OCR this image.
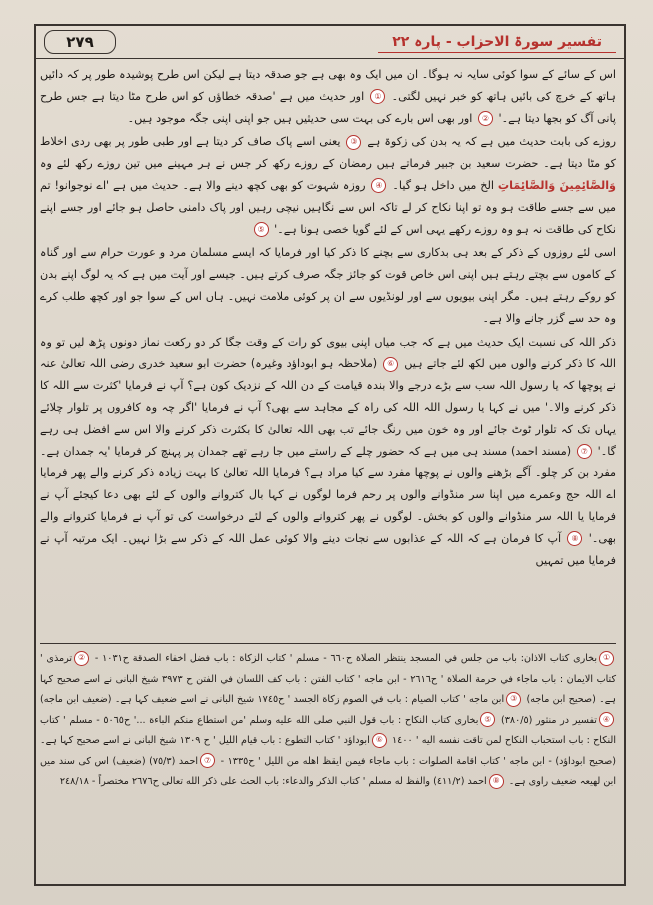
۲۷۹	تفسیر سورۃ الاحزاب - پارہ ۲۲

اس کے سائے کے سوا کوئی سایہ نہ ہوگا۔ ان میں ایک وہ بھی ہے جو صدقہ دیتا ہے لیکن اس طرح پوشیدہ طور پر کہ دائیں ہاتھ کے خرچ کی بائیں ہاتھ کو خبر نہیں لگتی۔ ① اور حدیث میں ہے 'صدقہ خطاؤں کو اس طرح مٹا دیتا ہے جس طرح پانی آگ کو بجھا دیتا ہے۔' ② اور بھی اس بارے کی بہت سی حدیثیں ہیں جو اپنی اپنی جگہ موجود ہیں۔

روزے کی بابت حدیث میں ہے کہ یہ بدن کی زکوۃ ہے ③ یعنی اسے پاک صاف کر دیتا ہے اور طبی طور پر بھی ردی اخلاط کو مٹا دیتا ہے۔ حضرت سعید بن جبیر فرماتے ہیں رمضان کے روزے رکھ کر جس نے ہر مہینے میں تین روزے رکھ لئے وہ وَالصَّائِمِينَ وَالصَّائِمَاتِ الخ میں داخل ہو گیا۔ ④ روزہ شہوت کو بھی کچھ دینے والا ہے۔ حدیث میں ہے 'اے نوجوانو! تم میں سے جسے طاقت ہو وہ تو اپنا نکاح کر لے تاکہ اس سے نگاہیں نیچی رہیں اور پاک دامنی حاصل ہو جائے اور جسے اپنے نکاح کی طاقت نہ ہو وہ روزے رکھے یہی اس کے لئے گویا خصی ہونا ہے۔' ⑤

اسی لئے روزوں کے ذکر کے بعد ہی بدکاری سے بچنے کا ذکر کیا اور فرمایا کہ ایسے مسلمان مرد و عورت حرام سے اور گناہ کے کاموں سے بچتے رہتے ہیں اپنی اس خاص قوت کو جائز جگہ صرف کرتے ہیں۔ جیسے اور آیت میں ہے کہ یہ لوگ اپنے بدن کو روکے رہتے ہیں۔ مگر اپنی بیویوں سے اور لونڈیوں سے ان پر کوئی ملامت نہیں۔ ہاں اس کے سوا جو اور کچھ طلب کرے وہ حد سے گزر جانے والا ہے۔

ذکر اللہ کی نسبت ایک حدیث میں ہے کہ جب میاں اپنی بیوی کو رات کے وقت جگا کر دو رکعت نماز دونوں پڑھ لیں تو وہ اللہ کا ذکر کرنے والوں میں لکھ لئے جاتے ہیں ⑥ (ملاحظہ ہو ابوداؤد وغیرہ) حضرت ابو سعید خدری رضی اللہ تعالیٰ عنہ نے پوچھا کہ یا رسول اللہ سب سے بڑے درجے والا بندہ قیامت کے دن اللہ کے نزدیک کون ہے؟ آپ نے فرمایا 'کثرت سے اللہ کا ذکر کرنے والا۔' میں نے کہا یا رسول اللہ اللہ کی راہ کے مجاہد سے بھی؟ آپ نے فرمایا 'اگر چہ وہ کافروں پر تلوار چلائے یہاں تک کہ تلوار ٹوٹ جائے اور وہ خون میں رنگ جائے تب بھی اللہ تعالیٰ کا بکثرت ذکر کرنے والا اس سے افضل ہی رہے گا۔' ⑦ (مسند احمد) مسند ہی میں ہے کہ حضور چلے کے راستے میں جا رہے تھے جمدان پر پہنچ کر فرمایا 'یہ جمدان ہے۔ مفرد بن کر چلو۔ آگے بڑھنے والوں نے پوچھا مفرد سے کیا مراد ہے؟ فرمایا اللہ تعالیٰ کا بہت زیادہ ذکر کرنے والے پھر فرمایا اے اللہ حج وعمرے میں اپنا سر منڈوانے والوں پر رحم فرما لوگوں نے کہا بال کتروانے والوں کے لئے بھی دعا کیجئے آپ نے فرمایا یا اللہ سر منڈوانے والوں کو بخش۔ لوگوں نے پھر کتروانے والوں کے لئے درخواست کی تو آپ نے فرمایا کتروانے والے بھی۔' ⑧ آپ کا فرمان ہے کہ اللہ کے عذابوں سے نجات دینے والا کوئی عمل اللہ کے ذکر سے بڑا نہیں۔ ایک مرتبہ آپ نے فرمایا میں تمہیں

①بخاری كتاب الاذان: باب من جلس في المسجد ينتظر الصلاة ح٦٦٠ - مسلم ' كتاب الزكاة : باب فضل اخفاء الصدقة ح١٠٣١ - ②ترمذی ' كتاب الايمان : باب ماجاء في حرمة الصلاة ' ح٢٦١٦ - ابن ماجه ' كتاب الفتن : باب كف اللسان في الفتن ح ٣٩٧٣ شیخ البانی نے اسے صحیح کہا ہے۔ (صحیح ابن ماجه) ③ابن ماجه ' كتاب الصيام : باب في الصوم زكاة الجسد ' ح١٧٤٥ شیخ البانی نے اسے ضعیف کہا ہے۔ (ضعیف ابن ماجه) ④تفسير در منثور (٣٨٠/٥) ⑤بخاری كتاب النكاح : باب قول النبي صلى الله عليه وسلم 'من استطاع منكم الباءة ...' ح٥٠٦٥ - مسلم ' كتاب النكاح : باب استحباب النكاح لمن تاقت نفسه اليه ' ١٤٠٠ ⑥ابوداؤد ' كتاب التطوع : باب قيام الليل ' ح ١٣٠٩ شیخ البانی نے اسے صحیح کہا ہے۔ (صحیح ابوداؤد) - ابن ماجه ' كتاب اقامة الصلوات : باب ماجاء فيمن ايقظ اهله من الليل ' ح١٣٣٥ - ⑦احمد (٧٥/٣) (ضعیف) اس کی سند میں ابن لهیعہ ضعیف راوی ہے۔ ⑧احمد (٤١١/٢) والفظ له مسلم ' كتاب الذكر والدعاء: باب الحث على ذكر الله تعالى ح٢٦٧٦ مختصراً - ٢٤٨/١٨
